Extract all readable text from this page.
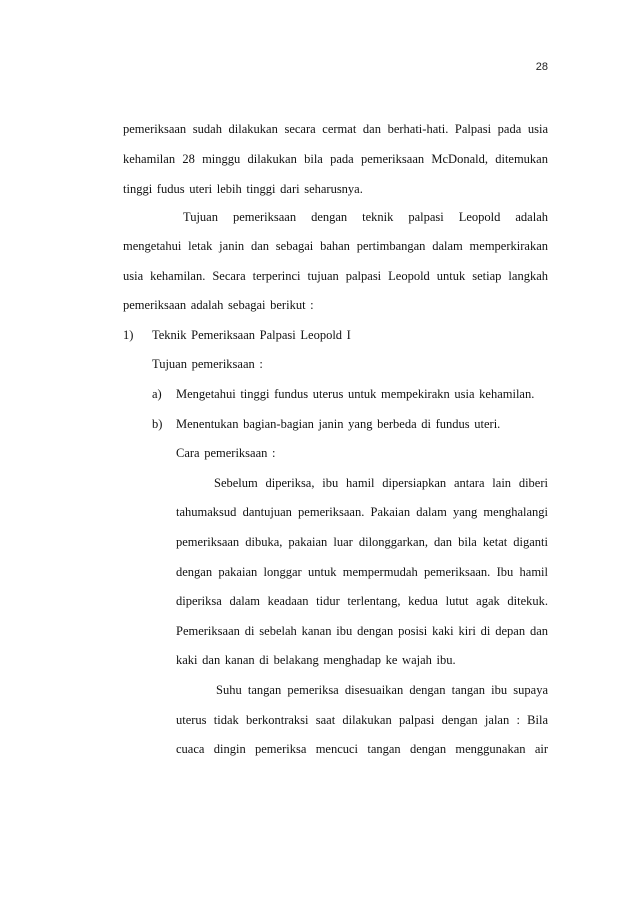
28
pemeriksaan sudah dilakukan secara cermat dan berhati-hati. Palpasi pada usia
kehamilan 28 minggu dilakukan bila pada pemeriksaan McDonald, ditemukan
tinggi fudus uteri lebih tinggi dari seharusnya.
Tujuan pemeriksaan dengan teknik palpasi Leopold adalah
mengetahui letak janin dan sebagai bahan pertimbangan dalam memperkirakan
usia kehamilan. Secara terperinci tujuan palpasi Leopold untuk setiap langkah
pemeriksaan adalah sebagai berikut :
1) Teknik Pemeriksaan Palpasi Leopold I
Tujuan pemeriksaan :
a) Mengetahui tinggi fundus uterus untuk mempekirakn usia kehamilan.
b) Menentukan bagian-bagian janin yang berbeda di fundus uteri.
Cara pemeriksaan :
Sebelum diperiksa, ibu hamil dipersiapkan antara lain diberi
tahumaksud dantujuan pemeriksaan. Pakaian dalam yang menghalangi
pemeriksaan dibuka, pakaian luar dilonggarkan, dan bila ketat diganti
dengan pakaian longgar untuk mempermudah pemeriksaan. Ibu hamil
diperiksa dalam keadaan tidur terlentang, kedua lutut agak ditekuk.
Pemeriksaan di sebelah kanan ibu dengan posisi kaki kiri di depan dan
kaki dan kanan di belakang menghadap ke wajah ibu.
Suhu tangan pemeriksa disesuaikan dengan tangan ibu supaya
uterus tidak berkontraksi saat dilakukan palpasi dengan jalan : Bila
cuaca dingin pemeriksa mencuci tangan dengan menggunakan air
